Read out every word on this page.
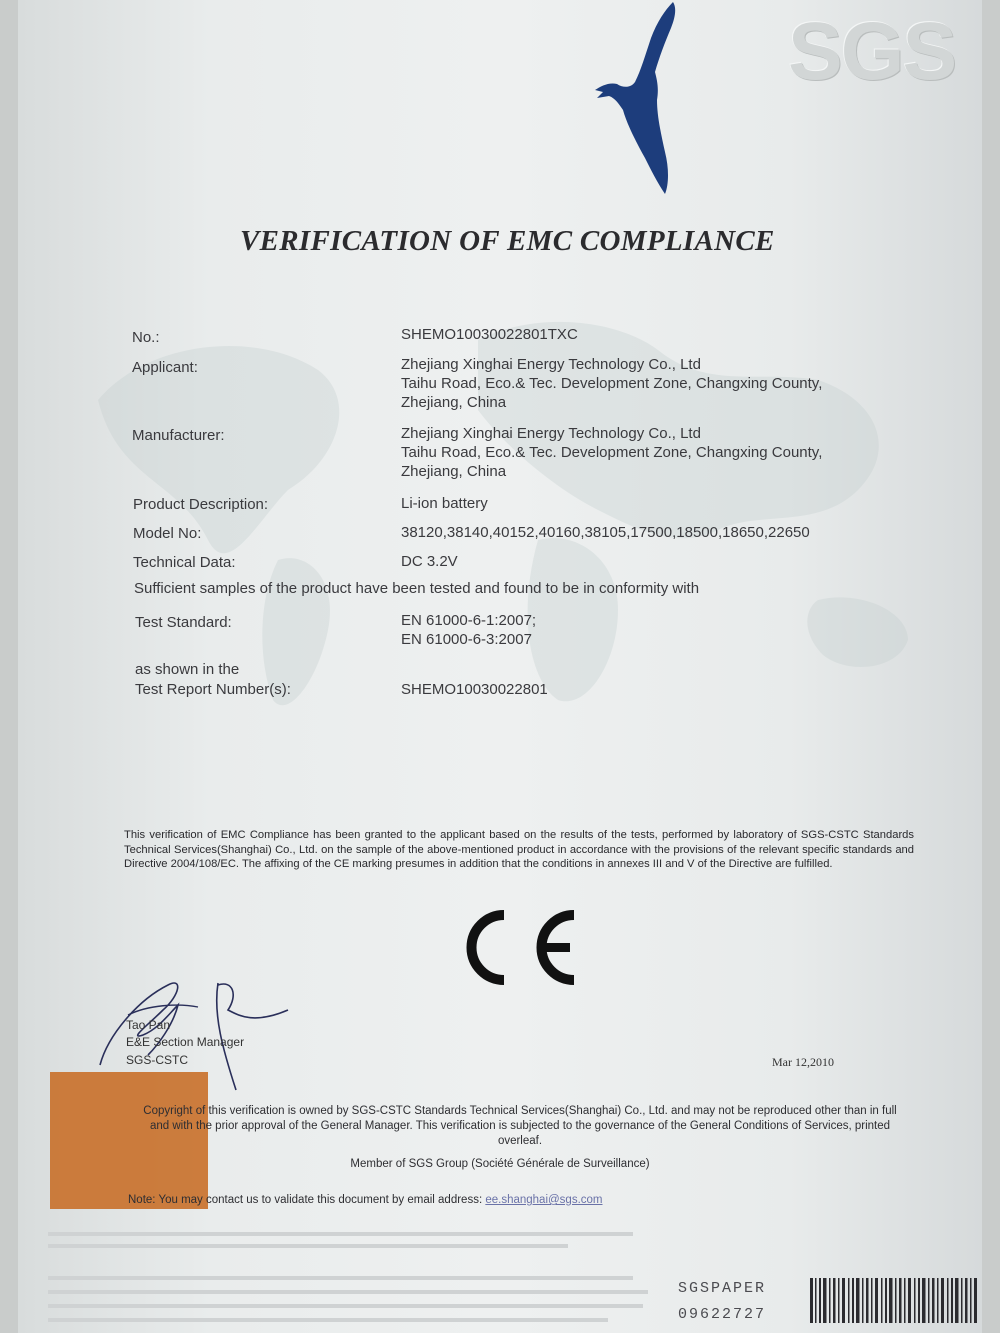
SGS
VERIFICATION OF EMC COMPLIANCE
No.:	SHEMO10030022801TXC
Applicant:	Zhejiang Xinghai Energy Technology Co., Ltd
Taihu Road, Eco.& Tec. Development Zone, Changxing County,
Zhejiang, China
Manufacturer:	Zhejiang Xinghai Energy Technology Co., Ltd
Taihu Road, Eco.& Tec. Development Zone, Changxing County,
Zhejiang, China
Product Description:	Li-ion battery
Model No:	38120,38140,40152,40160,38105,17500,18500,18650,22650
Technical Data:	DC 3.2V
Sufficient samples of the product have been tested and found to be in conformity with
Test Standard:	EN 61000-6-1:2007;
EN 61000-6-3:2007
as shown in the
Test Report Number(s):	SHEMO10030022801
This verification of EMC Compliance has been granted to the applicant based on the results of the tests, performed by laboratory of SGS-CSTC Standards Technical Services(Shanghai) Co., Ltd. on the sample of the above-mentioned product in accordance with the provisions of the relevant specific standards and Directive 2004/108/EC. The affixing of the CE marking presumes in addition that the conditions in annexes III and V of the Directive are fulfilled.
Tao Pan
E&E Section Manager
SGS-CSTC	Mar 12,2010
Copyright of this verification is owned by SGS-CSTC Standards Technical Services(Shanghai) Co., Ltd. and may not be reproduced other than in full and with the prior approval of the General Manager. This verification is subjected to the governance of the General Conditions of Services, printed overleaf.
Member of SGS Group (Société Générale de Surveillance)
Note: You may contact us to validate this document by email address: ee.shanghai@sgs.com
SGSPAPER
09622727
